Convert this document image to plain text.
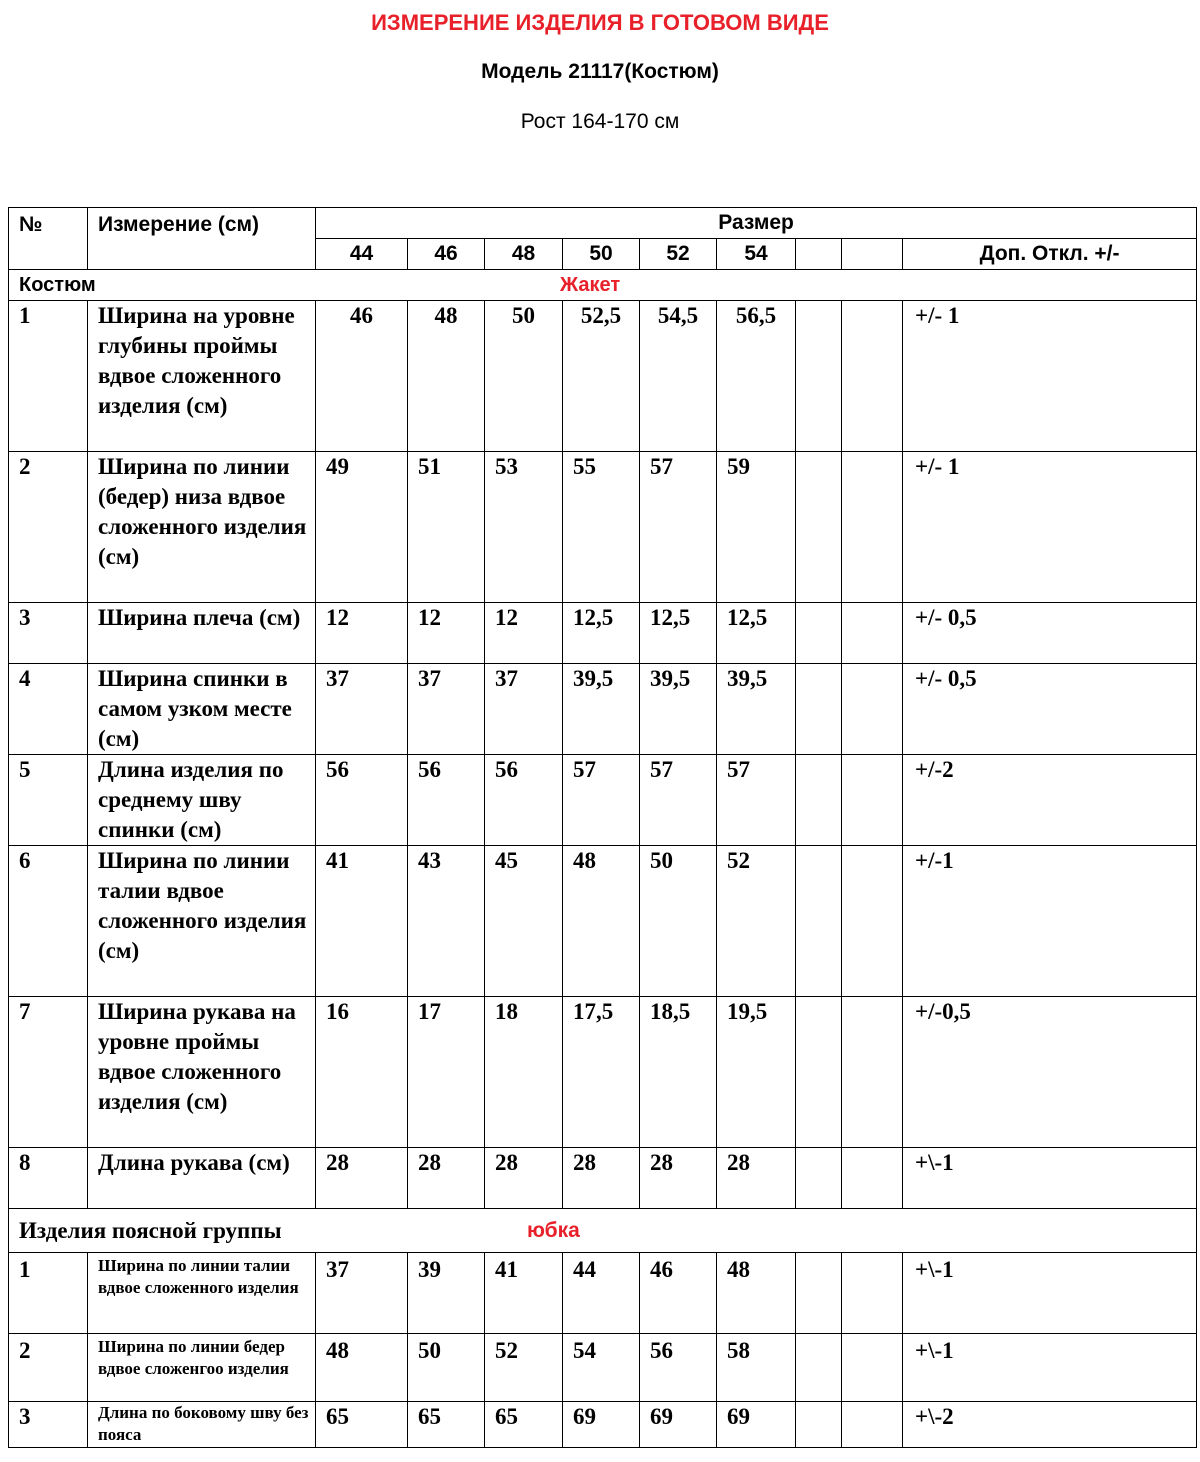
ИЗМЕРЕНИЕ ИЗДЕЛИЯ В ГОТОВОМ ВИДЕ
Модель 21117(Костюм)
Рост 164-170 см
№	Измерение (см)	Размер								
		44	46	48	50	52	54			Доп. Откл. +/-

Костюм Жакет										

1	Ширина на уровне глубины проймы вдвое сложенного изделия (см)	46	48	50	52,5	54,5	56,5			+/- 1
2	Ширина по линии (бедер) низа вдвое сложенного изделия (см)	49	51	53	55	57	59			+/- 1
3	Ширина плеча (см)	12	12	12	12,5	12,5	12,5			+/- 0,5
4	Ширина спинки в самом узком месте (см)	37	37	37	39,5	39,5	39,5			+/- 0,5
5	Длина изделия по среднему шву спинки (см)	56	56	56	57	57	57			+/-2
6	Ширина по линии талии вдвое сложенного изделия (см)	41	43	45	48	50	52			+/-1
7	Ширина рукава на уровне проймы вдвое сложенного изделия (см)	16	17	18	17,5	18,5	19,5			+/-0,5
8	Длина рукава (см)	28	28	28	28	28	28			+\-1

Изделия поясной группы юбка										

1	Ширина по линии талии вдвое сложенного изделия	37	39	41	44	46	48			+\-1
2	Ширина по линии бедер вдвое сложенгоо изделия	48	50	52	54	56	58			+\-1
3	Длина по боковому шву без пояса	65	65	65	69	69	69			+\-2
